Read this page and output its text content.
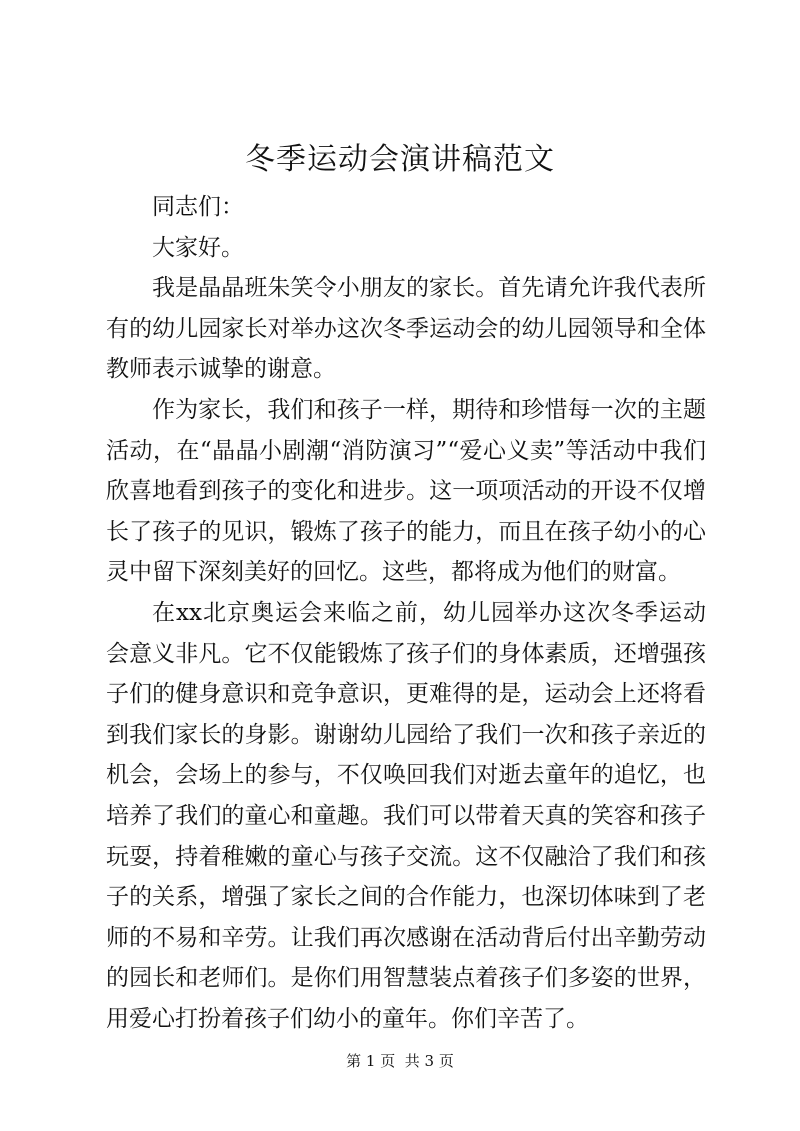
冬季运动会演讲稿范文

同志们：

大家好。

我是晶晶班朱笑令小朋友的家长。首先请允许我代表所有的幼儿园家长对举办这次冬季运动会的幼儿园领导和全体教师表示诚挚的谢意。

作为家长，我们和孩子一样，期待和珍惜每一次的主题活动，在“晶晶小剧潮“消防演习”“爱心义卖”等活动中我们欣喜地看到孩子的变化和进步。这一项项活动的开设不仅增长了孩子的见识，锻炼了孩子的能力，而且在孩子幼小的心灵中留下深刻美好的回忆。这些，都将成为他们的财富。

在xx北京奥运会来临之前，幼儿园举办这次冬季运动会意义非凡。它不仅能锻炼了孩子们的身体素质，还增强孩子们的健身意识和竞争意识，更难得的是，运动会上还将看到我们家长的身影。谢谢幼儿园给了我们一次和孩子亲近的机会，会场上的参与，不仅唤回我们对逝去童年的追忆，也培养了我们的童心和童趣。我们可以带着天真的笑容和孩子玩耍，持着稚嫩的童心与孩子交流。这不仅融洽了我们和孩子的关系，增强了家长之间的合作能力，也深切体味到了老师的不易和辛劳。让我们再次感谢在活动背后付出辛勤劳动的园长和老师们。是你们用智慧装点着孩子们多姿的世界，用爱心打扮着孩子们幼小的童年。你们辛苦了。

第 1 页 共 3 页
